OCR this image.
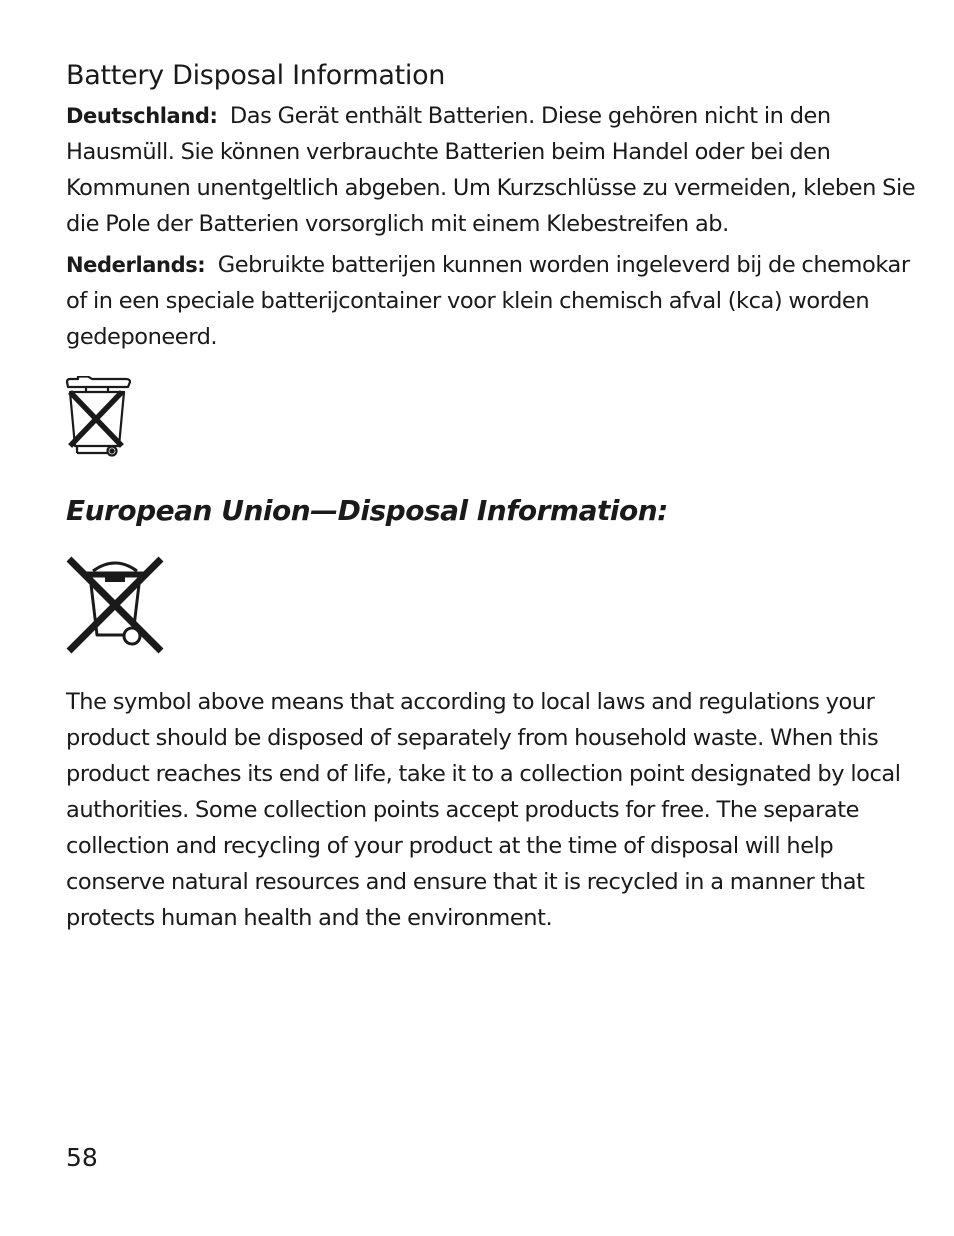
Battery Disposal Information

Deutschland: Das Gerät enthält Batterien. Diese gehören nicht in den Hausmüll. Sie können verbrauchte Batterien beim Handel oder bei den Kommunen unentgeltlich abgeben. Um Kurzschlüsse zu vermeiden, kleben Sie die Pole der Batterien vorsorglich mit einem Klebestreifen ab.

Nederlands: Gebruikte batterijen kunnen worden ingeleverd bij de chemokar of in een speciale batterijcontainer voor klein chemisch afval (kca) worden gedeponeerd.

European Union—Disposal Information:

The symbol above means that according to local laws and regulations your product should be disposed of separately from household waste. When this product reaches its end of life, take it to a collection point designated by local authorities. Some collection points accept products for free. The separate collection and recycling of your product at the time of disposal will help conserve natural resources and ensure that it is recycled in a manner that protects human health and the environment.

58
